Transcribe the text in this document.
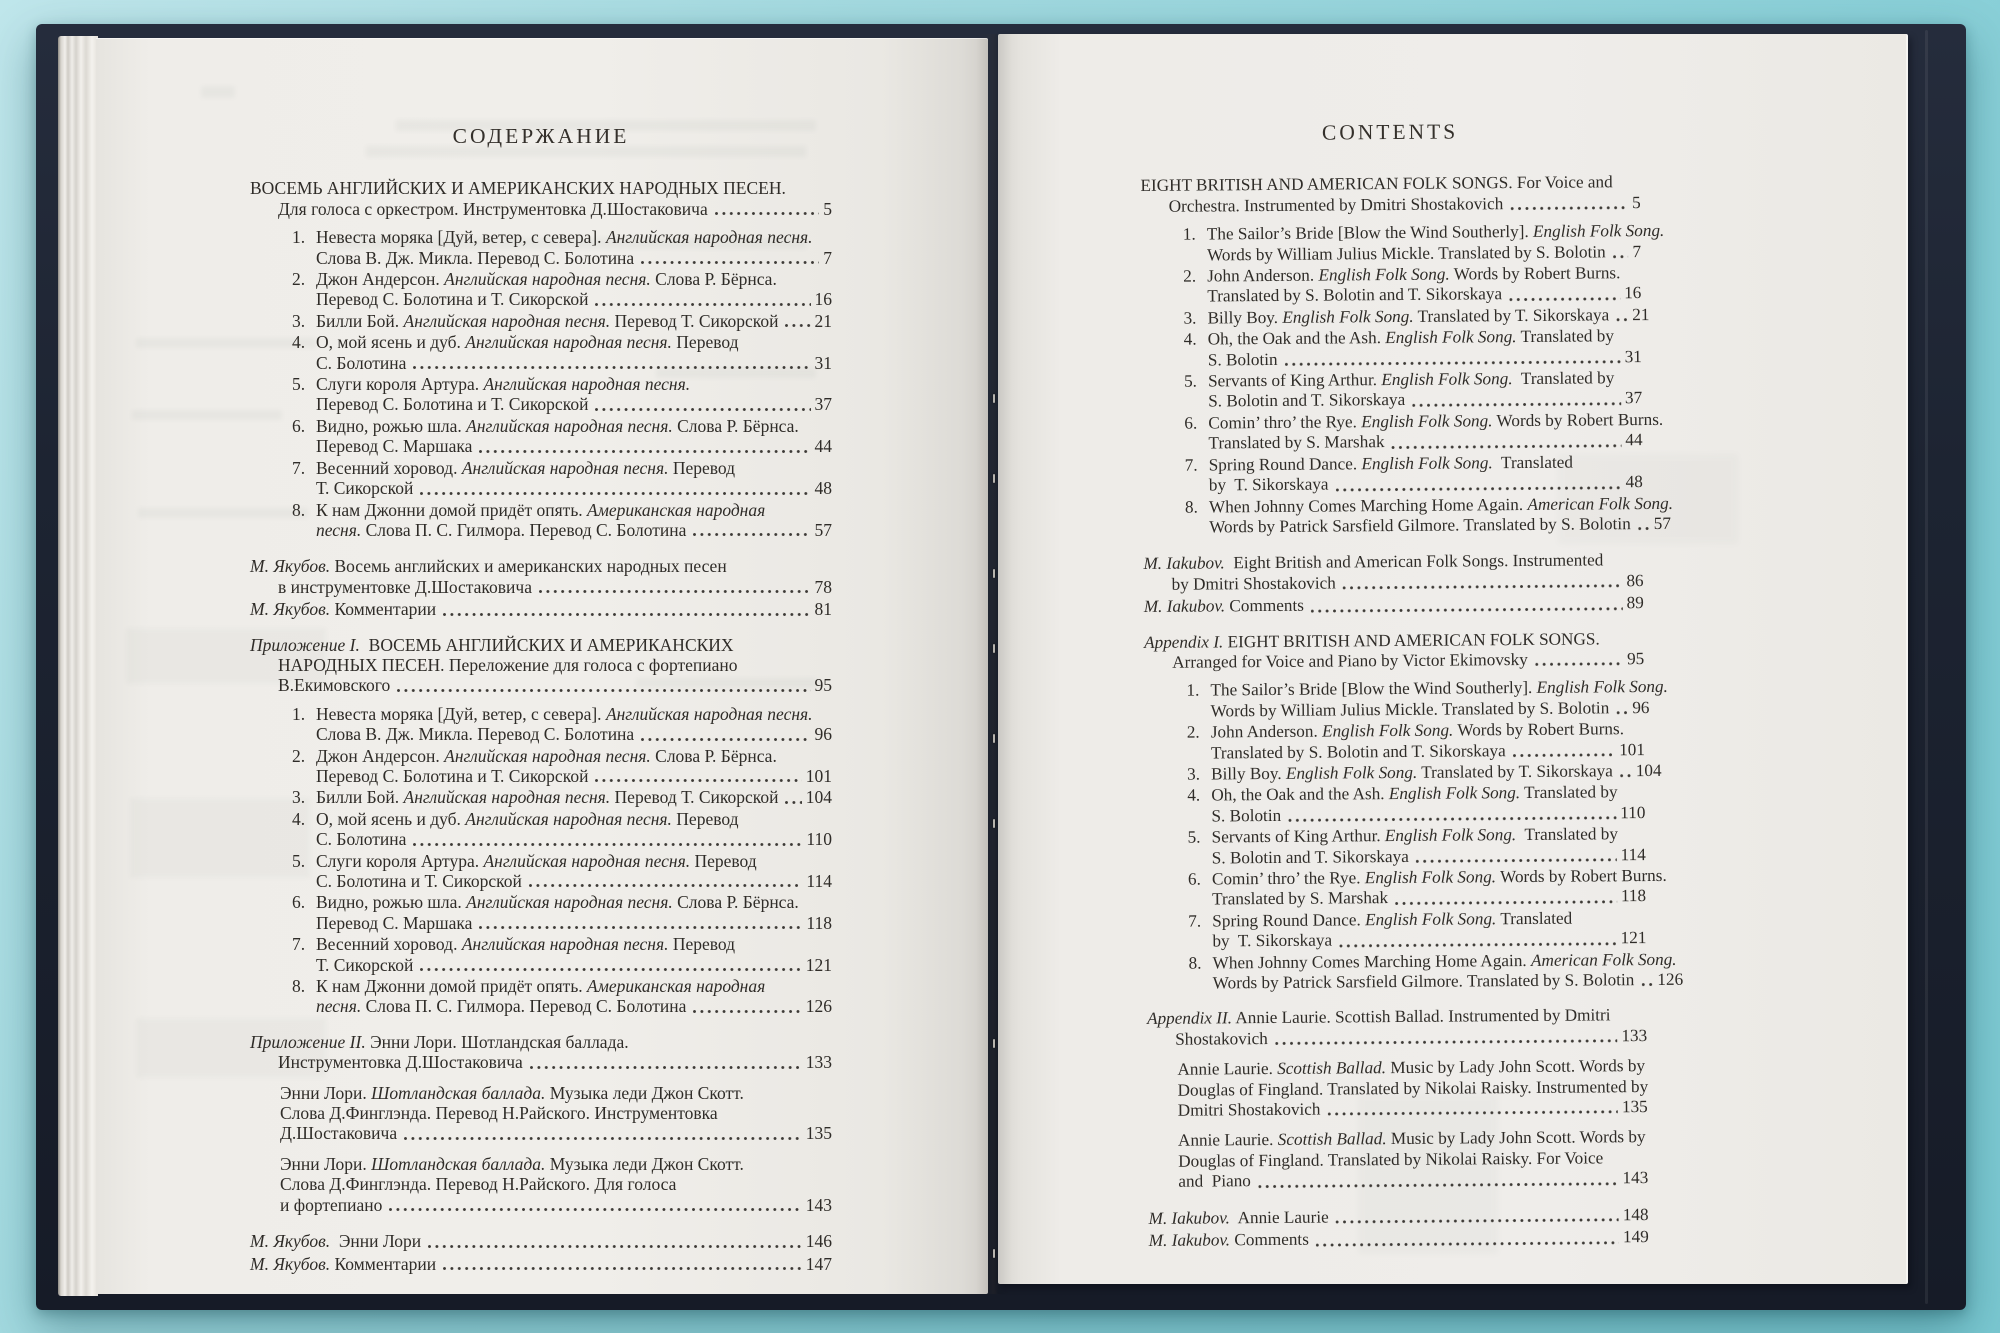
СОДЕРЖАНИЕ
ВОСЕМЬ АНГЛИЙСКИХ И АМЕРИКАНСКИХ НАРОДНЫХ ПЕСЕН.
Для голоса с оркестром. Инструментовка Д.Шостаковича	5
1. Невеста моряка [Дуй, ветер, с севера]. Английская народная песня.
Слова В. Дж. Микла. Перевод С. Болотина	7
2. Джон Андерсон. Английская народная песня. Слова Р. Бёрнса.
Перевод С. Болотина и Т. Сикорской	16
3. Билли Бой. Английская народная песня. Перевод Т. Сикорской 21
4. О, мой ясень и дуб. Английская народная песня. Перевод
С. Болотина	31
5. Слуги короля Артура. Английская народная песня.
Перевод С. Болотина и Т. Сикорской	37
6. Видно, рожью шла. Английская народная песня. Слова Р. Бёрнса.
Перевод С. Маршака	44
7. Весенний хоровод. Английская народная песня. Перевод
Т. Сикорской	48
8. К нам Джонни домой придёт опять. Американская народная
песня. Слова П. С. Гилмора. Перевод С. Болотина	57
М. Якубов. Восемь английских и американских народных песен
в инструментовке Д.Шостаковича	78
М. Якубов. Комментарии	81
Приложение I. ВОСЕМЬ АНГЛИЙСКИХ И АМЕРИКАНСКИХ
НАРОДНЫХ ПЕСЕН. Переложение для голоса с фортепиано
В.Екимовского	95
1. Невеста моряка [Дуй, ветер, с севера]. Английская народная песня.
Слова В. Дж. Микла. Перевод С. Болотина	96
2. Джон Андерсон. Английская народная песня. Слова Р. Бёрнса.
Перевод С. Болотина и Т. Сикорской	101
3. Билли Бой. Английская народная песня. Перевод Т. Сикорской 104
4. О, мой ясень и дуб. Английская народная песня. Перевод
С. Болотина	110
5. Слуги короля Артура. Английская народная песня. Перевод
С. Болотина и Т. Сикорской	114
6. Видно, рожью шла. Английская народная песня. Слова Р. Бёрнса.
Перевод С. Маршака	118
7. Весенний хоровод. Английская народная песня. Перевод
Т. Сикорской	121
8. К нам Джонни домой придёт опять. Американская народная
песня. Слова П. С. Гилмора. Перевод С. Болотина	126
Приложение II. Энни Лори. Шотландская баллада.
Инструментовка Д.Шостаковича	133
Энни Лори. Шотландская баллада. Музыка леди Джон Скотт.
Слова Д.Финглэнда. Перевод Н.Райского. Инструментовка
Д.Шостаковича	135
Энни Лори. Шотландская баллада. Музыка леди Джон Скотт.
Слова Д.Финглэнда. Перевод Н.Райского. Для голоса
и фортепиано	143
М. Якубов. Энни Лори	146
М. Якубов. Комментарии	147
CONTENTS
EIGHT BRITISH AND AMERICAN FOLK SONGS. For Voice and
Orchestra. Instrumented by Dmitri Shostakovich	5
1. The Sailor’s Bride [Blow the Wind Southerly]. English Folk Song.
Words by William Julius Mickle. Translated by S. Bolotin 7
2. John Anderson. English Folk Song. Words by Robert Burns.
Translated by S. Bolotin and T. Sikorskaya	16
3. Billy Boy. English Folk Song. Translated by T. Sikorskaya 21
4. Oh, the Oak and the Ash. English Folk Song. Translated by
S. Bolotin	31
5. Servants of King Arthur. English Folk Song. Translated by
S. Bolotin and T. Sikorskaya	37
6. Comin’ thro’ the Rye. English Folk Song. Words by Robert Burns.
Translated by S. Marshak	44
7. Spring Round Dance. English Folk Song. Translated
by  T. Sikorskaya	48
8. When Johnny Comes Marching Home Again. American Folk Song.
Words by Patrick Sarsfield Gilmore. Translated by S. Bolotin 57
M. Iakubov. Eight British and American Folk Songs. Instrumented
by Dmitri Shostakovich	86
M. Iakubov. Comments	89
Appendix I. EIGHT BRITISH AND AMERICAN FOLK SONGS.
Arranged for Voice and Piano by Victor Ekimovsky	95
1. The Sailor’s Bride [Blow the Wind Southerly]. English Folk Song.
Words by William Julius Mickle. Translated by S. Bolotin 96
2. John Anderson. English Folk Song. Words by Robert Burns.
Translated by S. Bolotin and T. Sikorskaya	101
3. Billy Boy. English Folk Song. Translated by T. Sikorskaya 104
4. Oh, the Oak and the Ash. English Folk Song. Translated by
S. Bolotin	110
5. Servants of King Arthur. English Folk Song. Translated by
S. Bolotin and T. Sikorskaya	114
6. Comin’ thro’ the Rye. English Folk Song. Words by Robert Burns.
Translated by S. Marshak	118
7. Spring Round Dance. English Folk Song. Translated
by  T. Sikorskaya	121
8. When Johnny Comes Marching Home Again. American Folk Song.
Words by Patrick Sarsfield Gilmore. Translated by S. Bolotin 126
Appendix II. Annie Laurie. Scottish Ballad. Instrumented by Dmitri
Shostakovich	133
Annie Laurie. Scottish Ballad. Music by Lady John Scott. Words by
Douglas of Fingland. Translated by Nikolai Raisky. Instrumented by
Dmitri Shostakovich	135
Annie Laurie. Scottish Ballad. Music by Lady John Scott. Words by
Douglas of Fingland. Translated by Nikolai Raisky. For Voice
and  Piano	143
M. Iakubov. Annie Laurie	148
M. Iakubov. Comments	149
